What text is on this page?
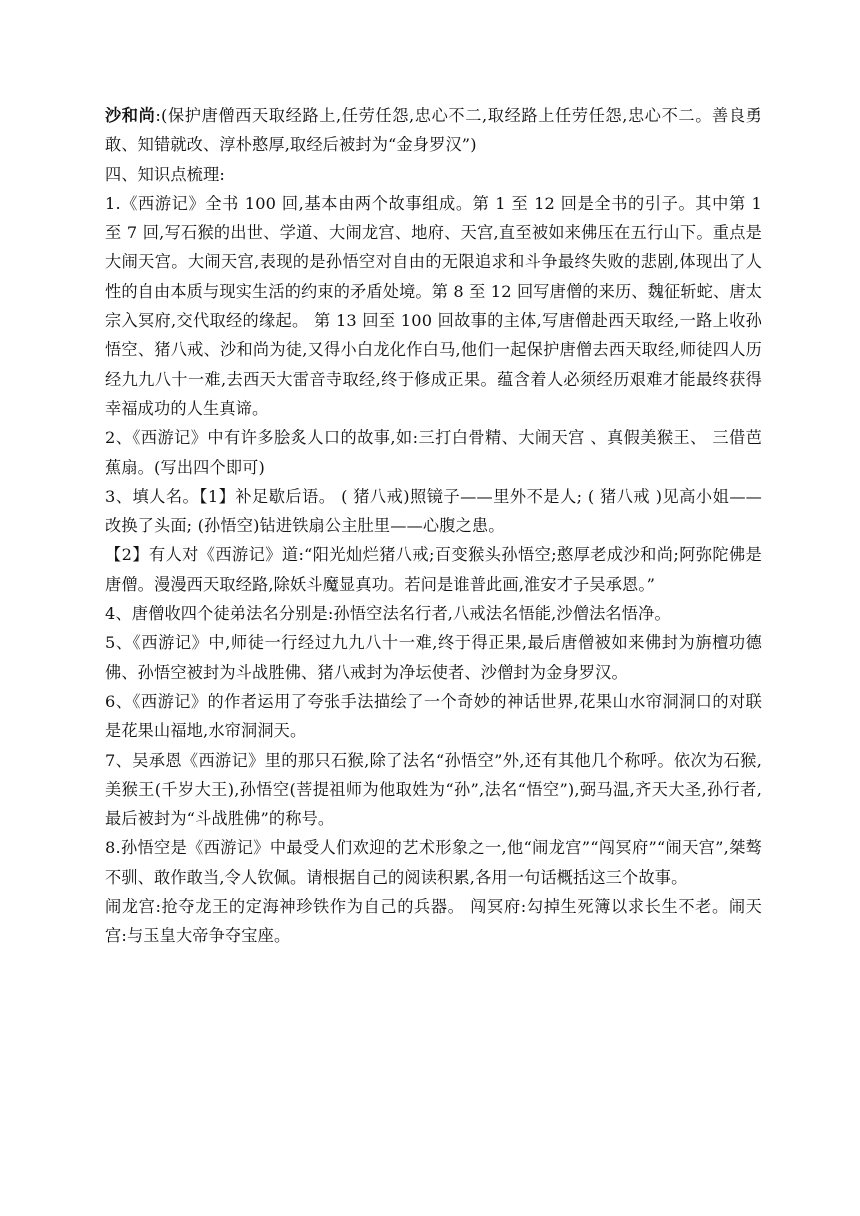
沙和尚:(保护唐僧西天取经路上,任劳任怨,忠心不二,取经路上任劳任怨,忠心不二。善良勇敢、知错就改、淳朴憨厚,取经后被封为“金身罗汉”)

四、知识点梳理:

1.《西游记》全书 100 回,基本由两个故事组成。第 1 至 12 回是全书的引子。其中第 1 至 7 回,写石猴的出世、学道、大闹龙宫、地府、天宫,直至被如来佛压在五行山下。重点是大闹天宫。大闹天宫,表现的是孙悟空对自由的无限追求和斗争最终失败的悲剧,体现出了人性的自由本质与现实生活的约束的矛盾处境。第 8 至 12 回写唐僧的来历、魏征斩蛇、唐太宗入冥府,交代取经的缘起。 第 13 回至 100 回故事的主体,写唐僧赴西天取经,一路上收孙悟空、猪八戒、沙和尚为徒,又得小白龙化作白马,他们一起保护唐僧去西天取经,师徒四人历经九九八十一难,去西天大雷音寺取经,终于修成正果。蕴含着人必须经历艰难才能最终获得幸福成功的人生真谛。

2、《西游记》中有许多脍炙人口的故事,如:三打白骨精、大闹天宫 、真假美猴王、 三借芭蕉扇。(写出四个即可)

3、填人名。【1】补足歇后语。 ( 猪八戒)照镜子——里外不是人; ( 猪八戒 )见高小姐——改换了头面; (孙悟空)钻进铁扇公主肚里——心腹之患。

【2】有人对《西游记》道:“阳光灿烂猪八戒;百变猴头孙悟空;憨厚老成沙和尚;阿弥陀佛是唐僧。漫漫西天取经路,除妖斗魔显真功。若问是谁普此画,淮安才子吴承恩。”

4、唐僧收四个徒弟法名分别是:孙悟空法名行者,八戒法名悟能,沙僧法名悟净。

5、《西游记》中,师徒一行经过九九八十一难,终于得正果,最后唐僧被如来佛封为旃檀功德佛、孙悟空被封为斗战胜佛、猪八戒封为净坛使者、沙僧封为金身罗汉。

6、《西游记》的作者运用了夸张手法描绘了一个奇妙的神话世界,花果山水帘洞洞口的对联是花果山福地,水帘洞洞天。

7、吴承恩《西游记》里的那只石猴,除了法名“孙悟空”外,还有其他几个称呼。依次为石猴,美猴王(千岁大王),孙悟空(菩提祖师为他取姓为“孙”,法名“悟空”),弼马温,齐天大圣,孙行者,最后被封为“斗战胜佛”的称号。

8.孙悟空是《西游记》中最受人们欢迎的艺术形象之一,他“闹龙宫”“闯冥府”“闹天宫”,桀骜不驯、敢作敢当,令人钦佩。请根据自己的阅读积累,各用一句话概括这三个故事。

闹龙宫:抢夺龙王的定海神珍铁作为自己的兵器。 闯冥府:勾掉生死簿以求长生不老。闹天宫:与玉皇大帝争夺宝座。
